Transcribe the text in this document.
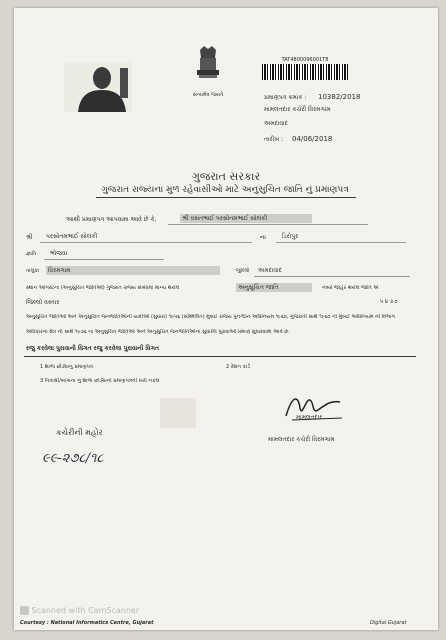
સત્યમેવ જયતે
TAT4800096001T8
પ્રમાણપત્ર ક્રમાંક : 10382/2018
મામલતદાર કચેરી વિરમગામ
અમદાવાદ
તારીખ : 04/06/2018
ગુજરાત સરકાર
ગુજરાત રાજ્યના મુળ રહેવાસીઓ માટે અનુસુચિત જાતિ નું પ્રમાણપત્ર
આથી પ્રમાણપત્ર આપવામા આવે છે કે,	શ્રી વસંતભાઈ પરસોતમભાઈ સોલંકી
શ્રી પરસોતમભાઈ સોલંકી	ના	ડિરોપુર
જ્ઞાતિ ભોજવા
તાલુકા	વિરમગામ	જીલ્લો અમદાવાદ
સ્થાન ઓગસ્ટના (અનુસુચિત જાતિઓ) ગુજરાત રાજ્ય સંબંધમાં માન્ય થયેલ	અનુસુચિત જાતિ	નંબરે જાહેર થયેલ જાતિ એ
જિલ્લો વસ્તાર	૫ ૪ ૩ ૦
અનુસુચિત જાતિઓ અને અનુસુચિત જનજાતિઓની યાદીઓ (સુધારા) ૧૯૫૬ (સમ્મિલિત) મુંબઈ રાજ્ય પુનર્ગઠન અધિનિયમ ૧૯૬૦, ગુજરાતી સાથે ૧૯૬૦ નો મુંબઈ અધિનિયમ ની વિભાગ
અધિકારના ક્ષેત્ર ની સાથે ૧૯૭૬ ના અનુસુચિત જાતિઓ અને અનુસુચિત જનજાતિઓના સુધારેલ પુરાવાઓ પ્રમાણે સુધારવામાં આવે છે.
રજુ કરવેલા પુરાવાની વિગત રજુ કરવેલા પુરાવાની વિગત
1 શાળા છોડ્યાનુ પ્રમાણપત્ર	2 રેશન કાર્ડ
3 પિતાશ્રી/બાપાના નું શાળા છોડ્યાનો પ્રમાણપત્રની ખરી નકલ
મામલતદાર
મામલતદાર કચેરી વિરમગામ
કચેરીની મહોર
૯૯-૨૭૮/૧૮
Courtesy : National Informatics Centre, Gujarat	Digital Gujarat
Scanned with CamScanner
